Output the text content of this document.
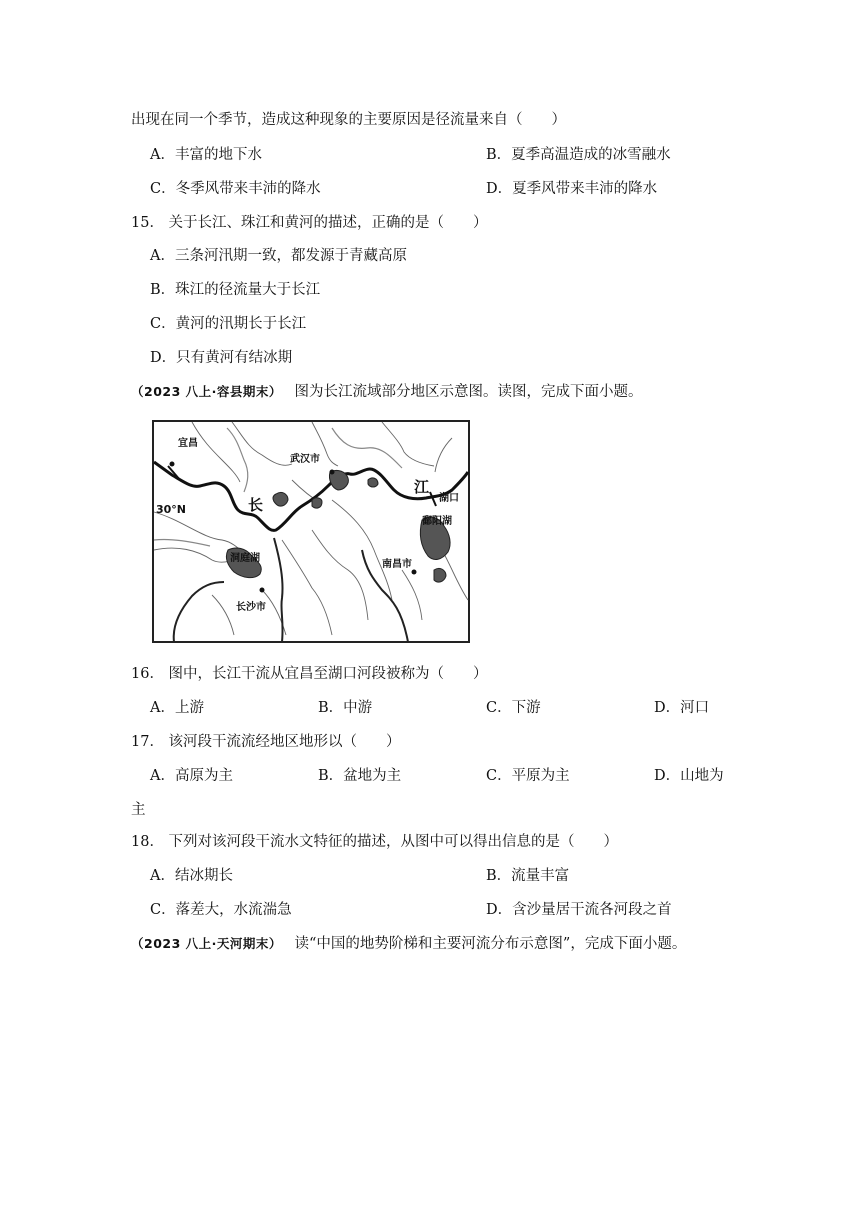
出现在同一个季节，造成这种现象的主要原因是径流量来自（　　）
A．丰富的地下水	B．夏季高温造成的冰雪融水
C．冬季风带来丰沛的降水	D．夏季风带来丰沛的降水
15． 关于长江、珠江和黄河的描述，正确的是（　　）
A．三条河汛期一致，都发源于青藏高原
B．珠江的径流量大于长江
C．黄河的汛期长于长江
D．只有黄河有结冰期
（2023 八上·容县期末） 图为长江流域部分地区示意图。读图，完成下面小题。
宜昌
30°N
武汉市
长
江
湖口
鄱阳湖
南昌市
洞庭湖
长沙市
16． 图中，长江干流从宜昌至湖口河段被称为（　　）
A．上游	B．中游	C．下游	D．河口
17． 该河段干流流经地区地形以（　　）
A．高原为主	B．盆地为主	C．平原为主	D．山地为
主
18． 下列对该河段干流水文特征的描述，从图中可以得出信息的是（　　）
A．结冰期长	B．流量丰富
C．落差大，水流湍急	D．含沙量居干流各河段之首
（2023 八上·天河期末） 读“中国的地势阶梯和主要河流分布示意图”，完成下面小题。
